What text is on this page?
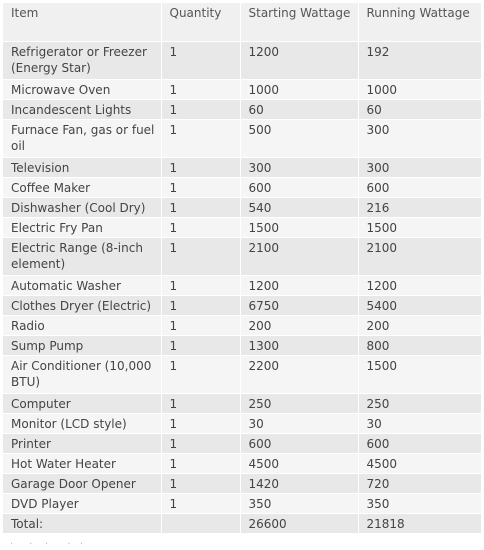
Item	Quantity	Starting Wattage	Running Wattage
Refrigerator or Freezer (Energy Star)	1	1200	192
Microwave Oven	1	1000	1000
Incandescent Lights	1	60	60
Furnace Fan, gas or fuel oil	1	500	300
Television	1	300	300
Coffee Maker	1	600	600
Dishwasher (Cool Dry)	1	540	216
Electric Fry Pan	1	1500	1500
Electric Range (8-inch element)	1	2100	2100
Automatic Washer	1	1200	1200
Clothes Dryer (Electric)	1	6750	5400
Radio	1	200	200
Sump Pump	1	1300	800
Air Conditioner (10,000 BTU)	1	2200	1500
Computer	1	250	250
Monitor (LCD style)	1	30	30
Printer	1	600	600
Hot Water Heater	1	4500	4500
Garage Door Opener	1	1420	720
DVD Player	1	350	350
Total:		26600	21818
·     ·    ·      ·   ·
